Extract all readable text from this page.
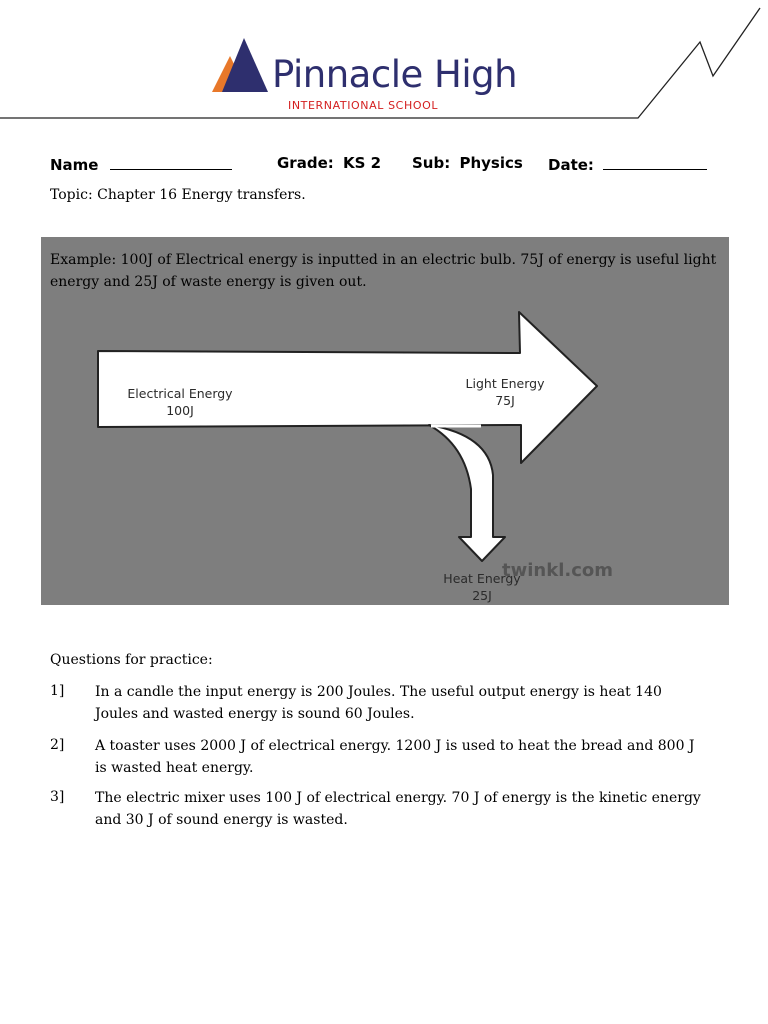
Pinnacle High
INTERNATIONAL SCHOOL
Name	Grade: KS 2 Sub: Physics Date:
Topic: Chapter 16 Energy transfers.
Example: 100J of Electrical energy is inputted in an electric bulb. 75J of energy is useful light energy and 25J of waste energy is given out.
Electrical Energy
100J
Light Energy
75J
Heat Energy
25J
twinkl.com
Questions for practice:
1] In a candle the input energy is 200 Joules. The useful output energy is heat 140 Joules and wasted energy is sound 60 Joules.
2] A toaster uses 2000 J of electrical energy. 1200 J is used to heat the bread and 800 J is wasted heat energy.
3] The electric mixer uses 100 J of electrical energy. 70 J of energy is the kinetic energy and 30 J of sound energy is wasted.
